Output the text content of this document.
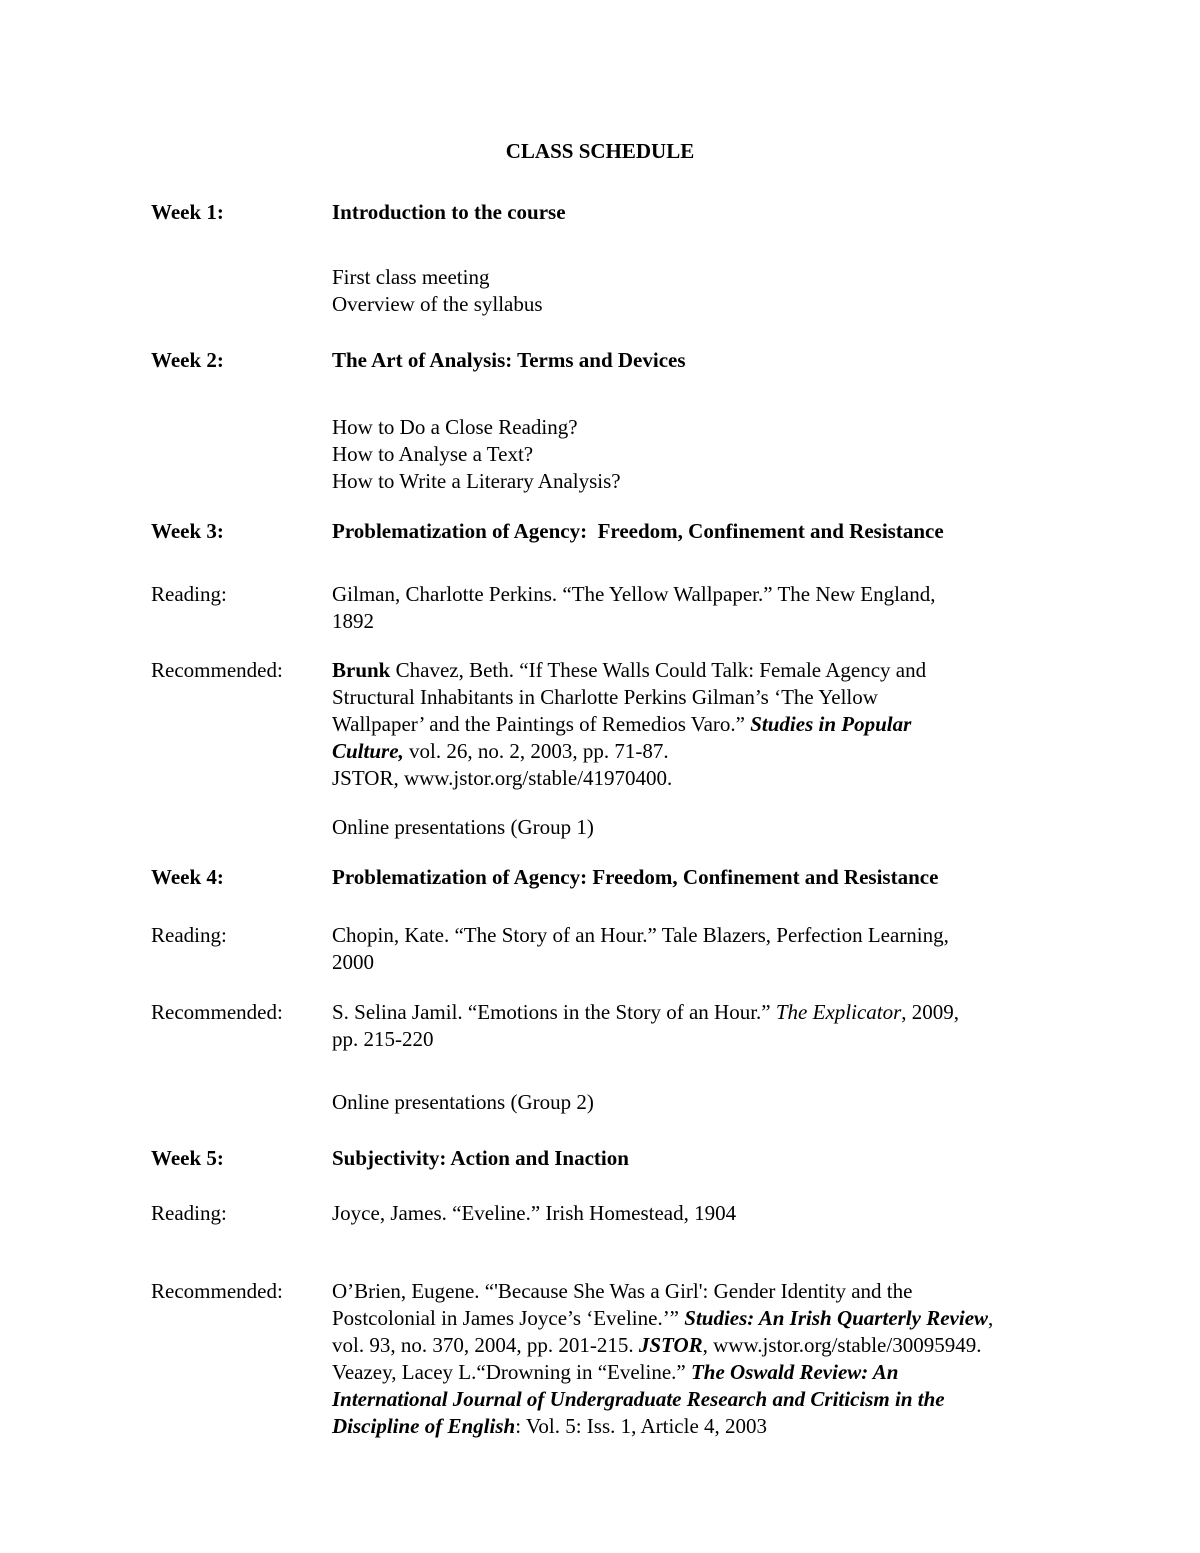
CLASS SCHEDULE
Week 1:	Introduction to the course
First class meeting
Overview of the syllabus
Week 2:	The Art of Analysis: Terms and Devices
How to Do a Close Reading?
How to Analyse a Text?
How to Write a Literary Analysis?
Week 3:	Problematization of Agency:  Freedom, Confinement and Resistance
Reading:	Gilman, Charlotte Perkins. “The Yellow Wallpaper.” The New England,
1892
Recommended: Brunk Chavez, Beth. “If These Walls Could Talk: Female Agency and
Structural Inhabitants in Charlotte Perkins Gilman’s ‘The Yellow
Wallpaper’ and the Paintings of Remedios Varo.” Studies in Popular
Culture, vol. 26, no. 2, 2003, pp. 71-87.
JSTOR, www.jstor.org/stable/41970400.
Online presentations (Group 1)
Week 4:	Problematization of Agency: Freedom, Confinement and Resistance
Reading:	Chopin, Kate. “The Story of an Hour.” Tale Blazers, Perfection Learning,
2000
Recommended: S. Selina Jamil. “Emotions in the Story of an Hour.” The Explicator, 2009,
pp. 215-220
Online presentations (Group 2)
Week 5:	Subjectivity: Action and Inaction
Reading:	Joyce, James. “Eveline.” Irish Homestead, 1904
Recommended: O’Brien, Eugene. “'Because She Was a Girl': Gender Identity and the
Postcolonial in James Joyce’s ‘Eveline.’” Studies: An Irish Quarterly Review,
vol. 93, no. 370, 2004, pp. 201-215. JSTOR, www.jstor.org/stable/30095949.
Veazey, Lacey L.“Drowning in “Eveline.” The Oswald Review: An
International Journal of Undergraduate Research and Criticism in the
Discipline of English: Vol. 5: Iss. 1, Article 4, 2003
